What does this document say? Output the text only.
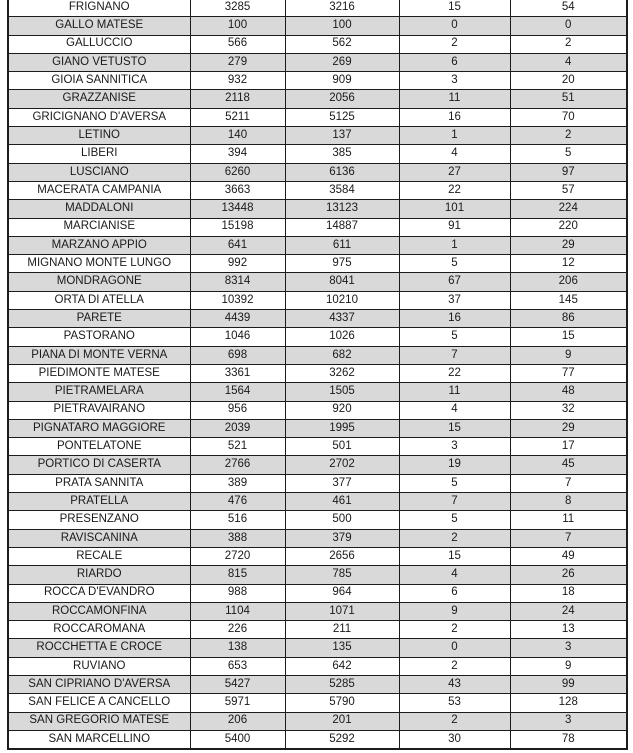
FRIGNANO	3285	3216	15	54
GALLO MATESE	100	100	0	0
GALLUCCIO	566	562	2	2
GIANO VETUSTO	279	269	6	4
GIOIA SANNITICA	932	909	3	20
GRAZZANISE	2118	2056	11	51
GRICIGNANO D'AVERSA	5211	5125	16	70
LETINO	140	137	1	2
LIBERI	394	385	4	5
LUSCIANO	6260	6136	27	97
MACERATA CAMPANIA	3663	3584	22	57
MADDALONI	13448	13123	101	224
MARCIANISE	15198	14887	91	220
MARZANO APPIO	641	611	1	29
MIGNANO MONTE LUNGO	992	975	5	12
MONDRAGONE	8314	8041	67	206
ORTA DI ATELLA	10392	10210	37	145
PARETE	4439	4337	16	86
PASTORANO	1046	1026	5	15
PIANA DI MONTE VERNA	698	682	7	9
PIEDIMONTE MATESE	3361	3262	22	77
PIETRAMELARA	1564	1505	11	48
PIETRAVAIRANO	956	920	4	32
PIGNATARO MAGGIORE	2039	1995	15	29
PONTELATONE	521	501	3	17
PORTICO DI CASERTA	2766	2702	19	45
PRATA SANNITA	389	377	5	7
PRATELLA	476	461	7	8
PRESENZANO	516	500	5	11
RAVISCANINA	388	379	2	7
RECALE	2720	2656	15	49
RIARDO	815	785	4	26
ROCCA D'EVANDRO	988	964	6	18
ROCCAMONFINA	1104	1071	9	24
ROCCAROMANA	226	211	2	13
ROCCHETTA E CROCE	138	135	0	3
RUVIANO	653	642	2	9
SAN CIPRIANO D'AVERSA	5427	5285	43	99
SAN FELICE A CANCELLO	5971	5790	53	128
SAN GREGORIO MATESE	206	201	2	3
SAN MARCELLINO	5400	5292	30	78
